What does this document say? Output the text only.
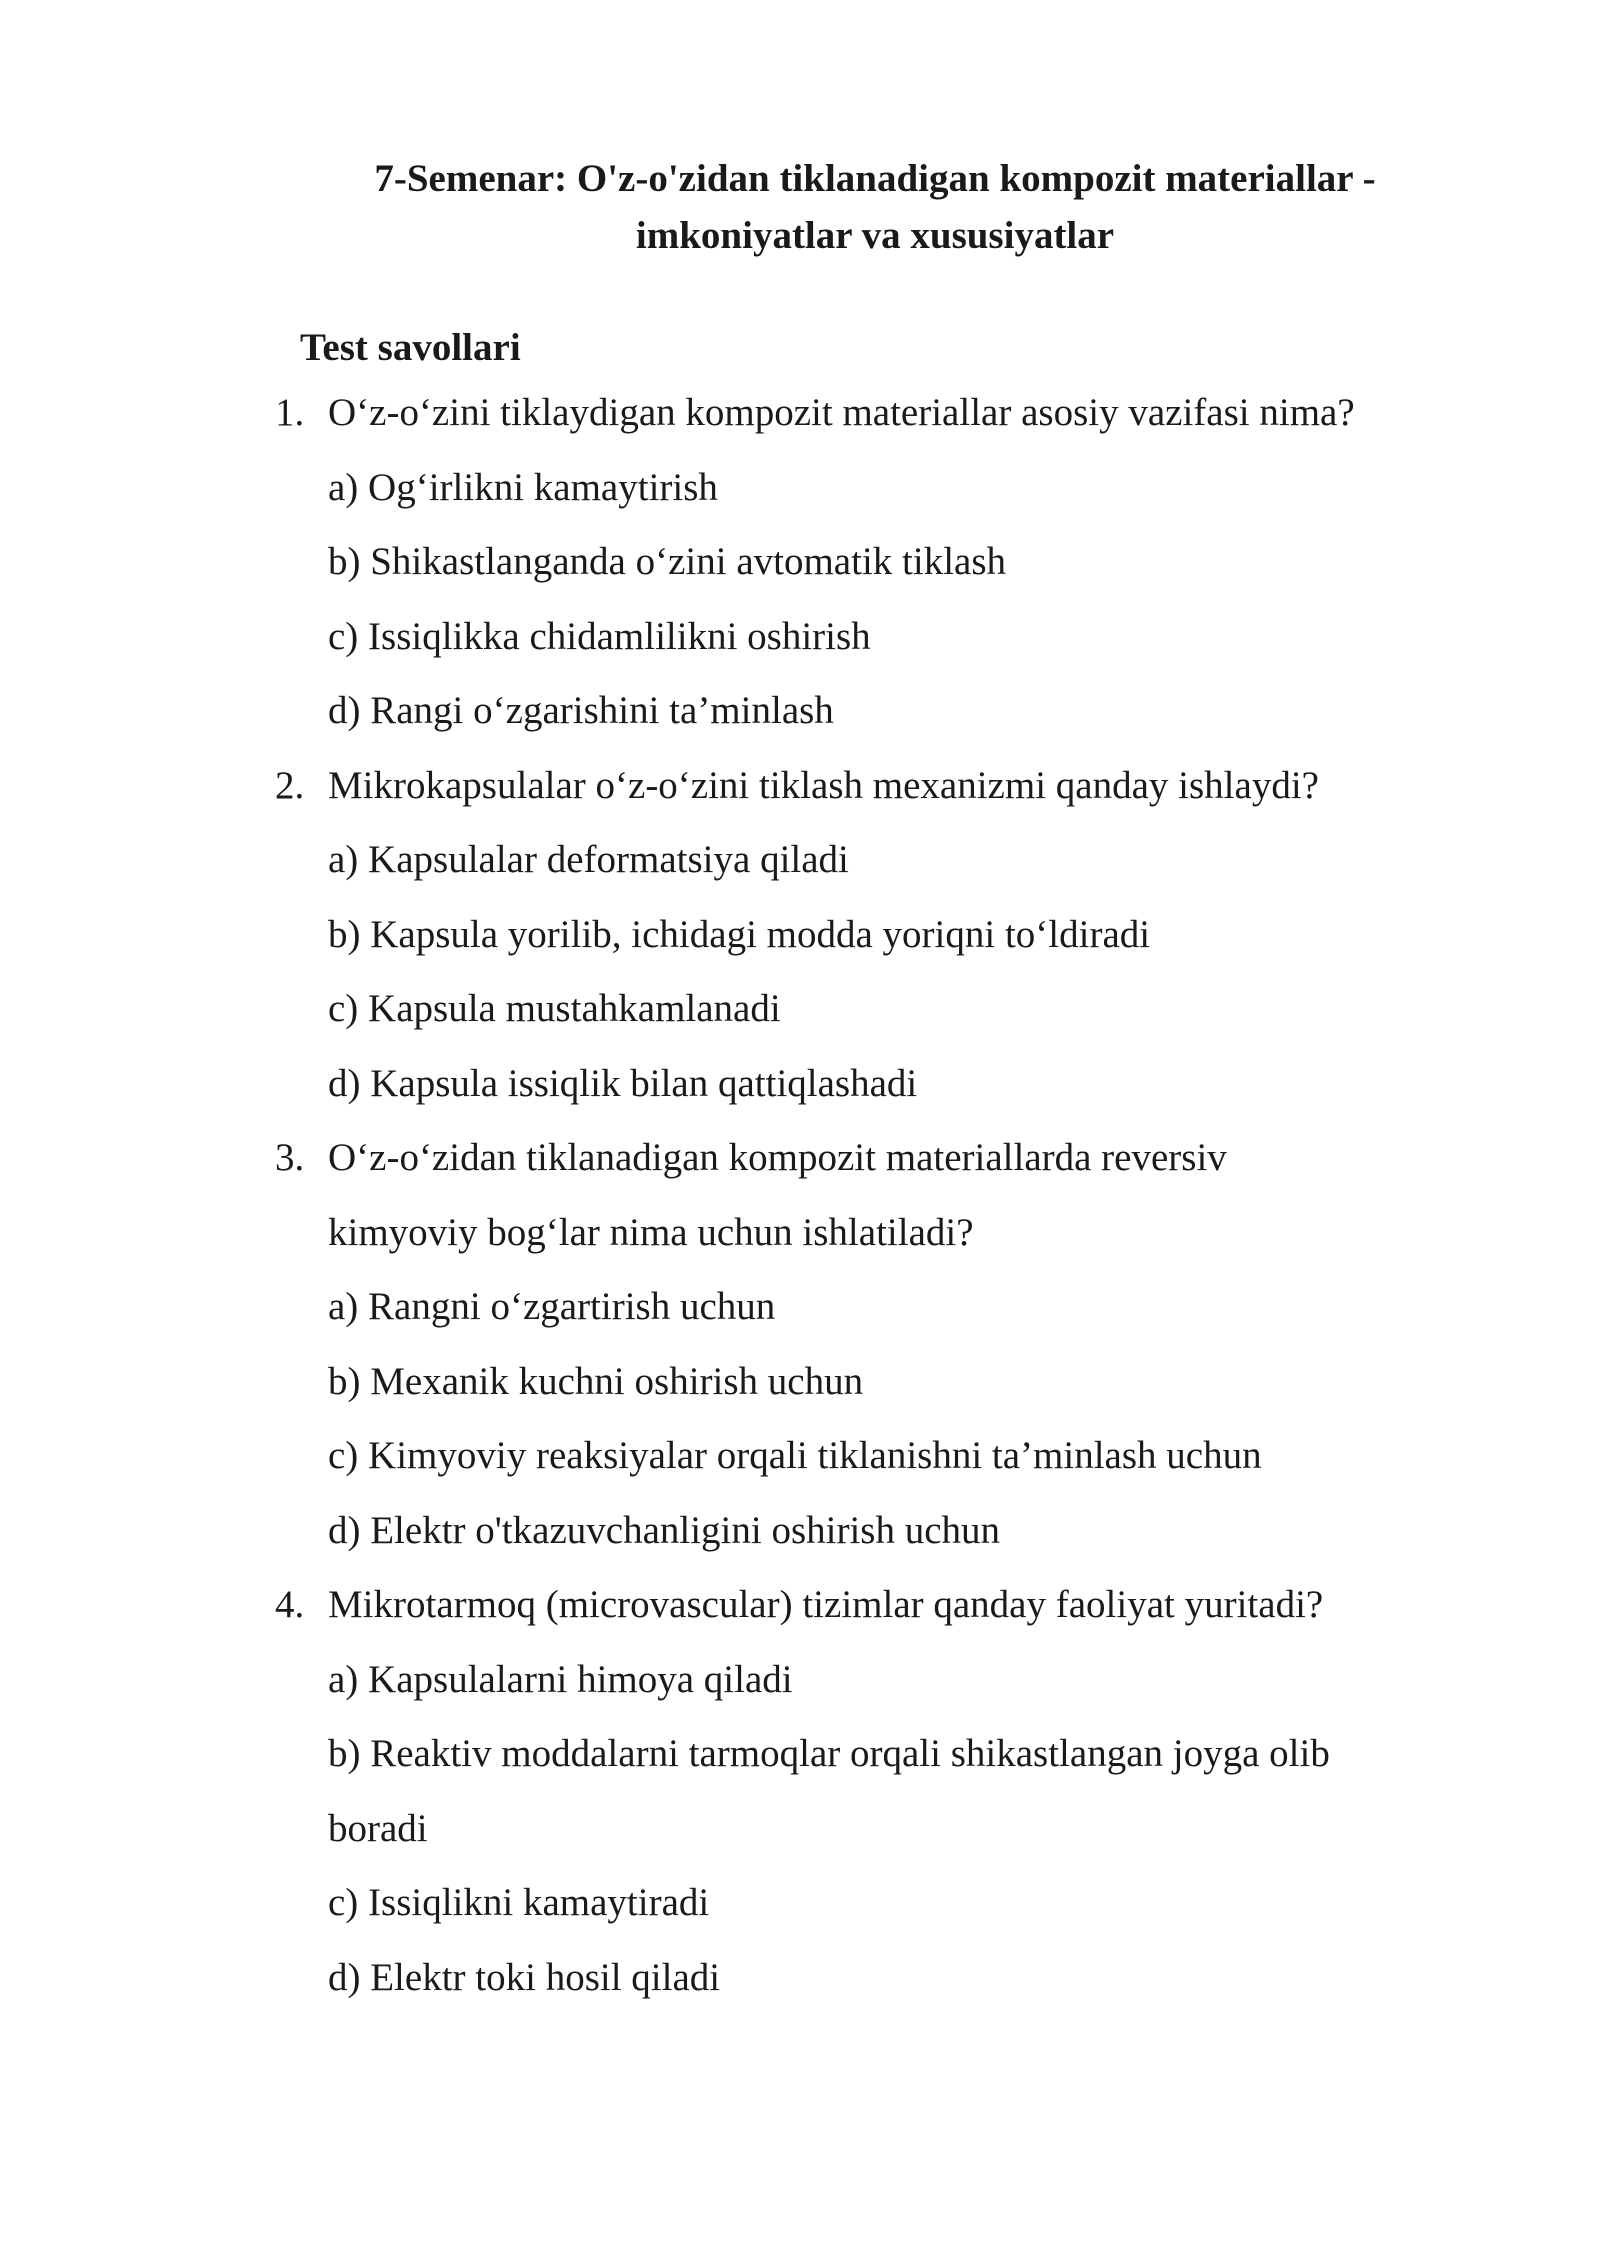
7-Semenar: O'z-o'zidan tiklanadigan kompozit materiallar -
imkoniyatlar va xususiyatlar
Test savollari
1. O‘z-o‘zini tiklaydigan kompozit materiallar asosiy vazifasi nima?
a) Og‘irlikni kamaytirish
b) Shikastlanganda o‘zini avtomatik tiklash
c) Issiqlikka chidamlilikni oshirish
d) Rangi o‘zgarishini ta’minlash
2. Mikrokapsulalar o‘z-o‘zini tiklash mexanizmi qanday ishlaydi?
a) Kapsulalar deformatsiya qiladi
b) Kapsula yorilib, ichidagi modda yoriqni to‘ldiradi
c) Kapsula mustahkamlanadi
d) Kapsula issiqlik bilan qattiqlashadi
3. O‘z-o‘zidan tiklanadigan kompozit materiallarda reversiv
kimyoviy bog‘lar nima uchun ishlatiladi?
a) Rangni o‘zgartirish uchun
b) Mexanik kuchni oshirish uchun
c) Kimyoviy reaksiyalar orqali tiklanishni ta’minlash uchun
d) Elektr o'tkazuvchanligini oshirish uchun
4. Mikrotarmoq (microvascular) tizimlar qanday faoliyat yuritadi?
a) Kapsulalarni himoya qiladi
b) Reaktiv moddalarni tarmoqlar orqali shikastlangan joyga olib
boradi
c) Issiqlikni kamaytiradi
d) Elektr toki hosil qiladi
